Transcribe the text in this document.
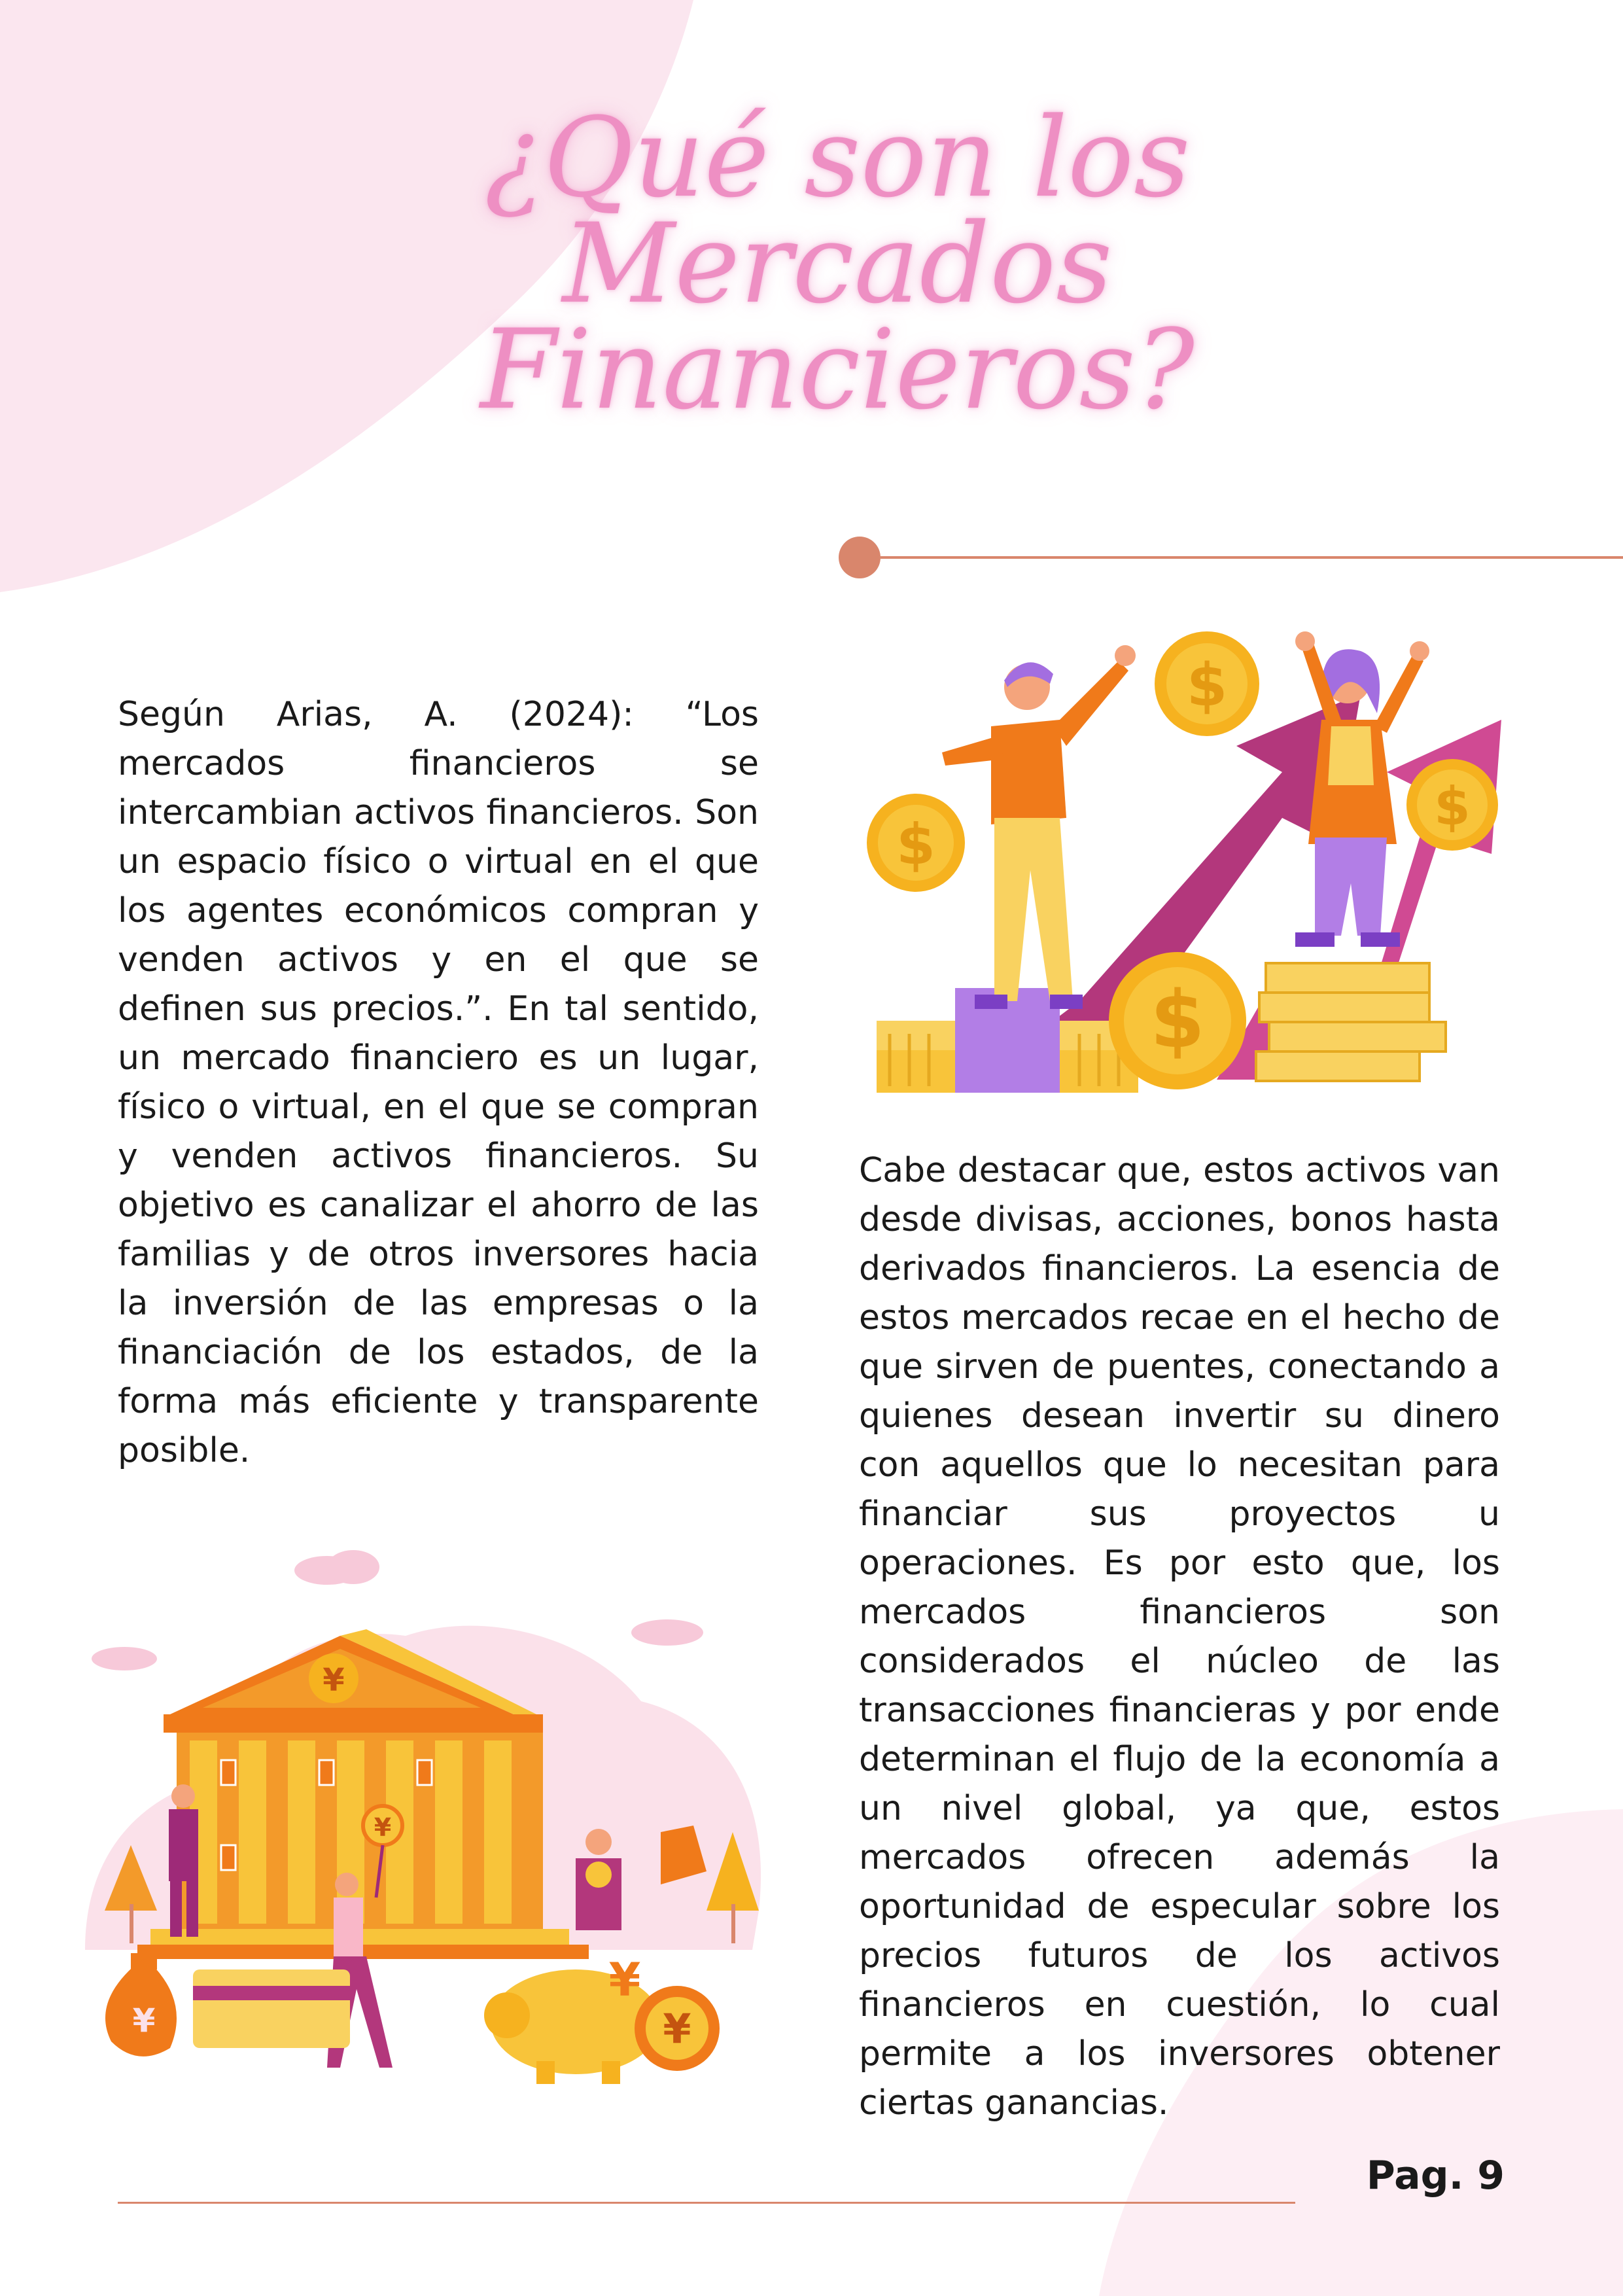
¿Qué son los Mercados Financieros?

Según Arias, A. (2024): “Los mercados financieros se intercambian activos financieros. Son un espacio físico o virtual en el que los agentes económicos compran y venden activos y en el que se definen sus precios.”. En tal sentido, un mercado financiero es un lugar, físico o virtual, en el que se compran y venden activos financieros. Su objetivo es canalizar el ahorro de las familias y de otros inversores hacia la inversión de las empresas o la financiación de los estados, de la forma más eficiente y transparente posible.

$
$
$
$

Cabe destacar que, estos activos van desde divisas, acciones, bonos hasta derivados financieros. La esencia de estos mercados recae en el hecho de que sirven de puentes, conectando a quienes desean invertir su dinero con aquellos que lo necesitan para financiar sus proyectos u operaciones. Es por esto que, los mercados financieros son considerados el núcleo de las transacciones financieras y por ende determinan el flujo de la economía a un nivel global, ya que, estos mercados ofrecen además la oportunidad de especular sobre los precios futuros de los activos financieros en cuestión, lo cual permite a los inversores obtener ciertas ganancias.

¥
¥
¥	¥
¥
Pag. 9
